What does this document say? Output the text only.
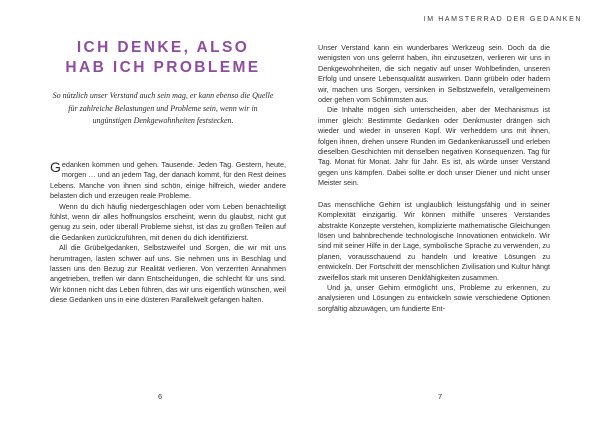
ICH DENKE, ALSO
HAB ICH PROBLEME

So nützlich unser Verstand auch sein mag, er kann ebenso die Quelle für zahlreiche Belastungen und Probleme sein, wenn wir in ungünstigen Denkgewohnheiten feststecken.

Gedanken kommen und gehen. Tausende. Jeden Tag. Gestern, heute, morgen … und an jedem Tag, der danach kommt, für den Rest deines Lebens. Manche von ihnen sind schön, einige hilfreich, wieder andere belasten dich und erzeugen reale Probleme.

Wenn du dich häufig niedergeschlagen oder vom Leben benachteiligt fühlst, wenn dir alles hoffnungslos erscheint, wenn du glaubst, nicht gut genug zu sein, oder überall Probleme siehst, ist das zu großen Teilen auf die Gedanken zurückzuführen, mit denen du dich identifizierst.

All die Grübelgedanken, Selbstzweifel und Sorgen, die wir mit uns herumtragen, lasten schwer auf uns. Sie nehmen uns in Beschlag und lassen uns den Bezug zur Realität verlieren. Von verzerrten Annahmen angetrieben, treffen wir dann Entscheidungen, die schlecht für uns sind. Wir können nicht das Leben führen, das wir uns eigentlich wünschen, weil diese Gedanken uns in eine düsteren Parallelwelt gefangen halten.

6
IM HAMSTERRAD DER GEDANKEN

Unser Verstand kann ein wunderbares Werkzeug sein. Doch da die wenigsten von uns gelernt haben, ihn einzusetzen, verlieren wir uns in Denkgewohnheiten, die sich negativ auf unser Wohlbefinden, unseren Erfolg und unsere Lebensqualität auswirken. Dann grübeln oder hadern wir, machen uns Sorgen, versinken in Selbstzweifeln, verallgemeinern oder gehen vom Schlimmsten aus.

Die Inhalte mögen sich unterscheiden, aber der Mechanismus ist immer gleich: Bestimmte Gedanken oder Denkmuster drängen sich wieder und wieder in unseren Kopf. Wir verheddern uns mit ihnen, folgen ihnen, drehen unsere Runden im Gedankenkarussell und erleben dieselben Geschichten mit denselben negativen Konsequenzen. Tag für Tag. Monat für Monat. Jahr für Jahr. Es ist, als würde unser Verstand gegen uns kämpfen. Dabei sollte er doch unser Diener und nicht unser Meister sein.

Das menschliche Gehirn ist unglaublich leistungsfähig und in seiner Komplexität einzigartig. Wir können mithilfe unseres Verstandes abstrakte Konzepte verstehen, komplizierte mathematische Gleichungen lösen und bahnbrechende technologische Innovationen entwickeln. Wir sind mit seiner Hilfe in der Lage, symbolische Sprache zu verwenden, zu planen, vorausschauend zu handeln und kreative Lösungen zu entwickeln. Der Fortschritt der menschlichen Zivilisation und Kultur hängt zweifellos stark mit unseren Denkfähigkeiten zusammen.

Und ja, unser Gehirn ermöglicht uns, Probleme zu erkennen, zu analysieren und Lösungen zu entwickeln sowie verschiedene Optionen sorgfältig abzuwägen, um fundierte Ent-

7
